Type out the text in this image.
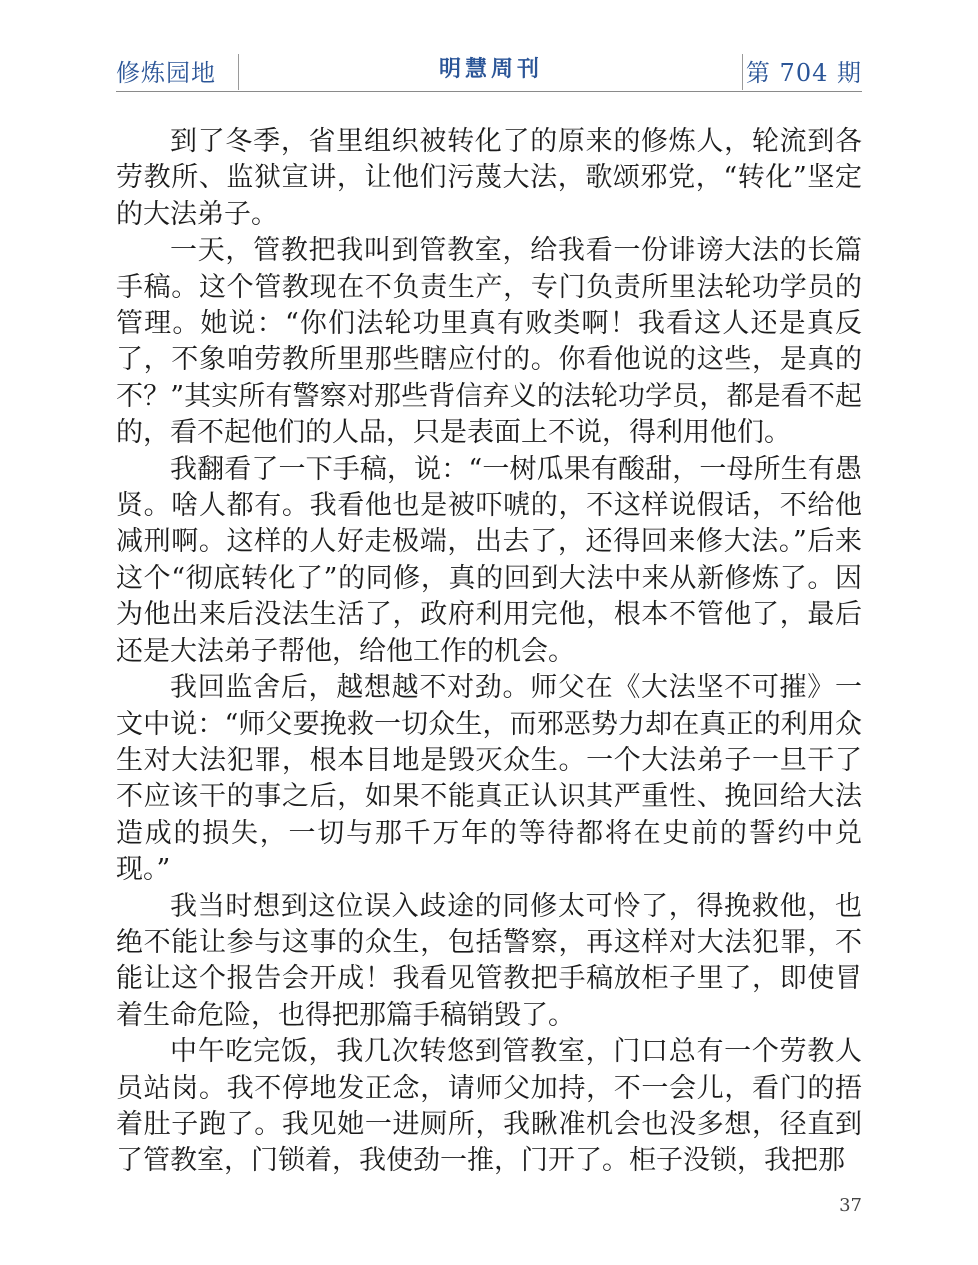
修炼园地	明慧周刊	第 704 期

到了冬季，省里组织被转化了的原来的修炼人，轮流到各劳教所、监狱宣讲，让他们污蔑大法，歌颂邪党，“转化”坚定的大法弟子。

一天，管教把我叫到管教室，给我看一份诽谤大法的长篇手稿。这个管教现在不负责生产，专门负责所里法轮功学员的管理。她说：“你们法轮功里真有败类啊！我看这人还是真反了，不象咱劳教所里那些瞎应付的。你看他说的这些，是真的不？”其实所有警察对那些背信弃义的法轮功学员，都是看不起的，看不起他们的人品，只是表面上不说，得利用他们。

我翻看了一下手稿，说：“一树瓜果有酸甜，一母所生有愚贤。啥人都有。我看他也是被吓唬的，不这样说假话，不给他减刑啊。这样的人好走极端，出去了，还得回来修大法。”后来这个“彻底转化了”的同修，真的回到大法中来从新修炼了。因为他出来后没法生活了，政府利用完他，根本不管他了，最后还是大法弟子帮他，给他工作的机会。

我回监舍后，越想越不对劲。师父在《大法坚不可摧》一文中说：“师父要挽救一切众生，而邪恶势力却在真正的利用众生对大法犯罪，根本目地是毁灭众生。一个大法弟子一旦干了不应该干的事之后，如果不能真正认识其严重性、挽回给大法造成的损失，一切与那千万年的等待都将在史前的誓约中兑现。”

我当时想到这位误入歧途的同修太可怜了，得挽救他，也绝不能让参与这事的众生，包括警察，再这样对大法犯罪，不能让这个报告会开成！我看见管教把手稿放柜子里了，即使冒着生命危险，也得把那篇手稿销毁了。

中午吃完饭，我几次转悠到管教室，门口总有一个劳教人员站岗。我不停地发正念，请师父加持，不一会儿，看门的捂着肚子跑了。我见她一进厕所，我瞅准机会也没多想，径直到了管教室，门锁着，我使劲一推，门开了。柜子没锁，我把那

37
